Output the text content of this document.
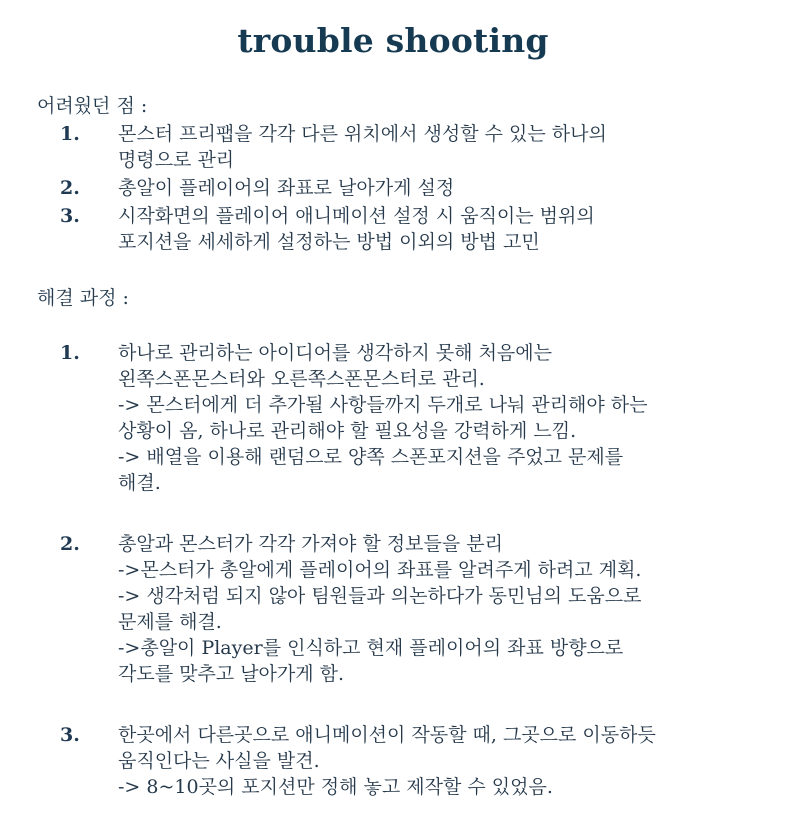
trouble shooting
어려웠던 점 :
1. 몬스터 프리팹을 각각 다른 위치에서 생성할 수 있는 하나의
명령으로 관리
2. 총알이 플레이어의 좌표로 날아가게 설정
3. 시작화면의 플레이어 애니메이션 설정 시 움직이는 범위의
포지션을 세세하게 설정하는 방법 이외의 방법 고민
해결 과정 :
1. 하나로 관리하는 아이디어를 생각하지 못해 처음에는
왼쪽스폰몬스터와 오른쪽스폰몬스터로 관리.
-> 몬스터에게 더 추가될 사항들까지 두개로 나눠 관리해야 하는
상황이 옴, 하나로 관리해야 할 필요성을 강력하게 느낌.
-> 배열을 이용해 랜덤으로 양쪽 스폰포지션을 주었고 문제를
해결.
2. 총알과 몬스터가 각각 가져야 할 정보들을 분리
->몬스터가 총알에게 플레이어의 좌표를 알려주게 하려고 계획.
-> 생각처럼 되지 않아 팀원들과 의논하다가 동민님의 도움으로
문제를 해결.
->총알이 Player를 인식하고 현재 플레이어의 좌표 방향으로
각도를 맞추고 날아가게 함.
3. 한곳에서 다른곳으로 애니메이션이 작동할 때, 그곳으로 이동하듯
움직인다는 사실을 발견.
-> 8~10곳의 포지션만 정해 놓고 제작할 수 있었음.
